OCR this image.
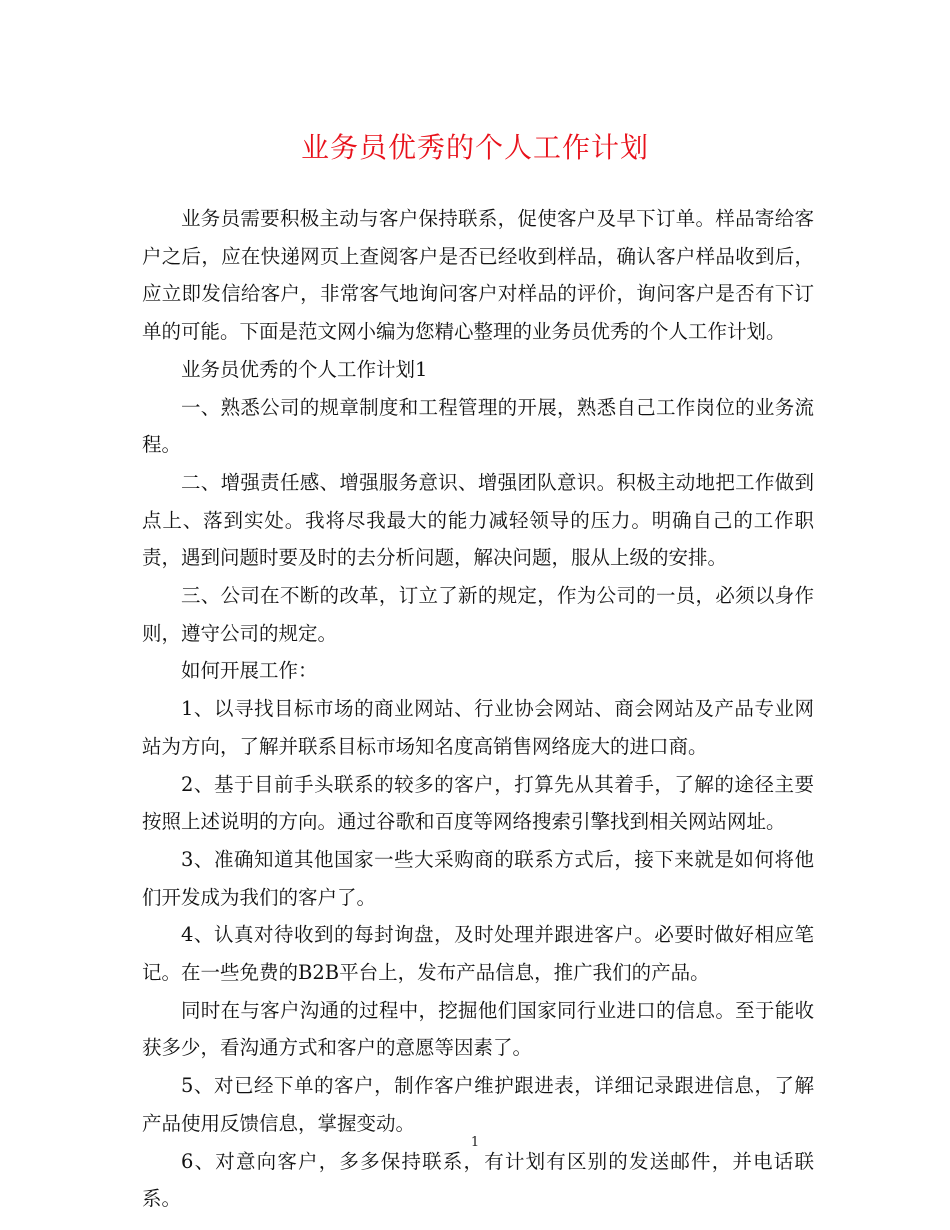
业务员优秀的个人工作计划

业务员需要积极主动与客户保持联系，促使客户及早下订单。样品寄给客户之后，应在快递网页上查阅客户是否已经收到样品，确认客户样品收到后，应立即发信给客户，非常客气地询问客户对样品的评价，询问客户是否有下订单的可能。下面是范文网小编为您精心整理的业务员优秀的个人工作计划。

业务员优秀的个人工作计划1

一、熟悉公司的规章制度和工程管理的开展，熟悉自己工作岗位的业务流程。

二、增强责任感、增强服务意识、增强团队意识。积极主动地把工作做到点上、落到实处。我将尽我最大的能力减轻领导的压力。明确自己的工作职责，遇到问题时要及时的去分析问题，解决问题，服从上级的安排。

三、公司在不断的改革，订立了新的规定，作为公司的一员，必须以身作则，遵守公司的规定。

如何开展工作：

1、以寻找目标市场的商业网站、行业协会网站、商会网站及产品专业网站为方向，了解并联系目标市场知名度高销售网络庞大的进口商。

2、基于目前手头联系的较多的客户，打算先从其着手，了解的途径主要按照上述说明的方向。通过谷歌和百度等网络搜索引擎找到相关网站网址。

3、准确知道其他国家一些大采购商的联系方式后，接下来就是如何将他们开发成为我们的客户了。

4、认真对待收到的每封询盘，及时处理并跟进客户。必要时做好相应笔记。在一些免费的B2B平台上，发布产品信息，推广我们的产品。

同时在与客户沟通的过程中，挖掘他们国家同行业进口的信息。至于能收获多少，看沟通方式和客户的意愿等因素了。

5、对已经下单的客户，制作客户维护跟进表，详细记录跟进信息，了解产品使用反馈信息，掌握变动。

6、对意向客户，多多保持联系，有计划有区别的发送邮件，并电话联系。

1
